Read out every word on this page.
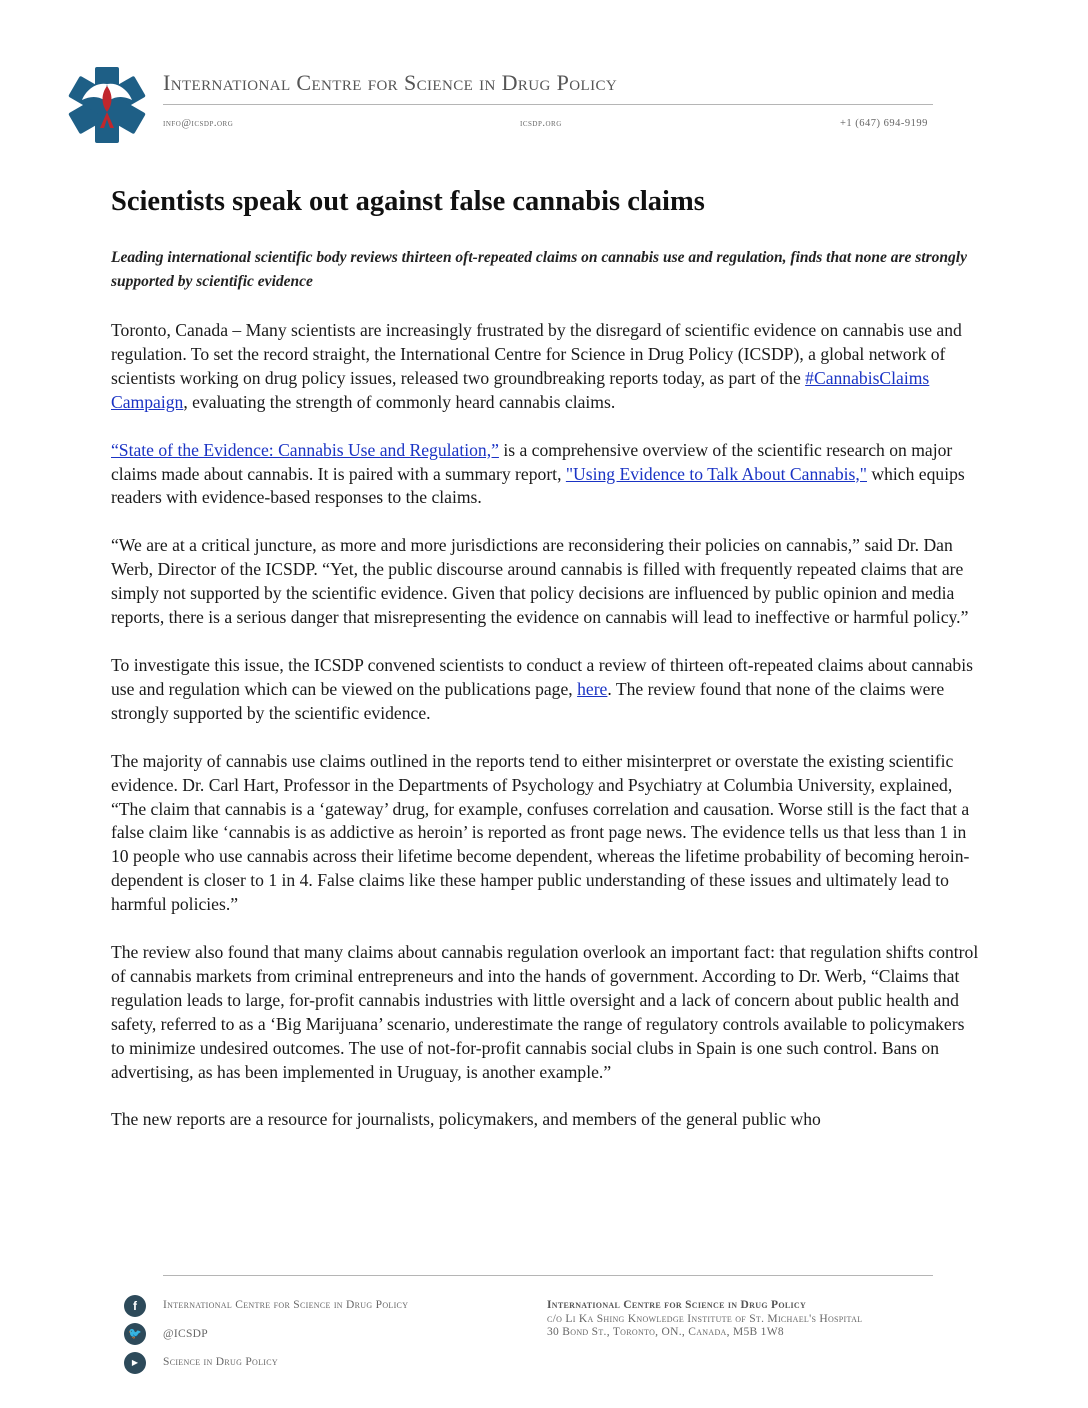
International Centre for Science in Drug Policy
info@icsdp.org	icsdp.org	+1 (647) 694-9199
Scientists speak out against false cannabis claims

Leading international scientific body reviews thirteen oft-repeated claims on cannabis use and regulation, finds that none are strongly supported by scientific evidence

Toronto, Canada – Many scientists are increasingly frustrated by the disregard of scientific evidence on cannabis use and regulation. To set the record straight, the International Centre for Science in Drug Policy (ICSDP), a global network of scientists working on drug policy issues, released two groundbreaking reports today, as part of the #CannabisClaims Campaign, evaluating the strength of commonly heard cannabis claims.

“State of the Evidence: Cannabis Use and Regulation,” is a comprehensive overview of the scientific research on major claims made about cannabis. It is paired with a summary report, "Using Evidence to Talk About Cannabis," which equips readers with evidence-based responses to the claims.

“We are at a critical juncture, as more and more jurisdictions are reconsidering their policies on cannabis,” said Dr. Dan Werb, Director of the ICSDP. “Yet, the public discourse around cannabis is filled with frequently repeated claims that are simply not supported by the scientific evidence. Given that policy decisions are influenced by public opinion and media reports, there is a serious danger that misrepresenting the evidence on cannabis will lead to ineffective or harmful policy.”

To investigate this issue, the ICSDP convened scientists to conduct a review of thirteen oft-repeated claims about cannabis use and regulation which can be viewed on the publications page, here. The review found that none of the claims were strongly supported by the scientific evidence.

The majority of cannabis use claims outlined in the reports tend to either misinterpret or overstate the existing scientific evidence. Dr. Carl Hart, Professor in the Departments of Psychology and Psychiatry at Columbia University, explained, “The claim that cannabis is a ‘gateway’ drug, for example, confuses correlation and causation. Worse still is the fact that a false claim like ‘cannabis is as addictive as heroin’ is reported as front page news. The evidence tells us that less than 1 in 10 people who use cannabis across their lifetime become dependent, whereas the lifetime probability of becoming heroin-dependent is closer to 1 in 4. False claims like these hamper public understanding of these issues and ultimately lead to harmful policies.”

The review also found that many claims about cannabis regulation overlook an important fact: that regulation shifts control of cannabis markets from criminal entrepreneurs and into the hands of government. According to Dr. Werb, “Claims that regulation leads to large, for-profit cannabis industries with little oversight and a lack of concern about public health and safety, referred to as a ‘Big Marijuana’ scenario, underestimate the range of regulatory controls available to policymakers to minimize undesired outcomes. The use of not-for-profit cannabis social clubs in Spain is one such control. Bans on advertising, as has been implemented in Uruguay, is another example.”

The new reports are a resource for journalists, policymakers, and members of the general public who

f	International Centre for Science in Drug Policy
🐦	@ICSDP
▶	Science in Drug Policy
International Centre for Science in Drug Policy
c/o Li Ka Shing Knowledge Institute of St. Michael's Hospital
30 Bond St., Toronto, ON., Canada, M5B 1W8
